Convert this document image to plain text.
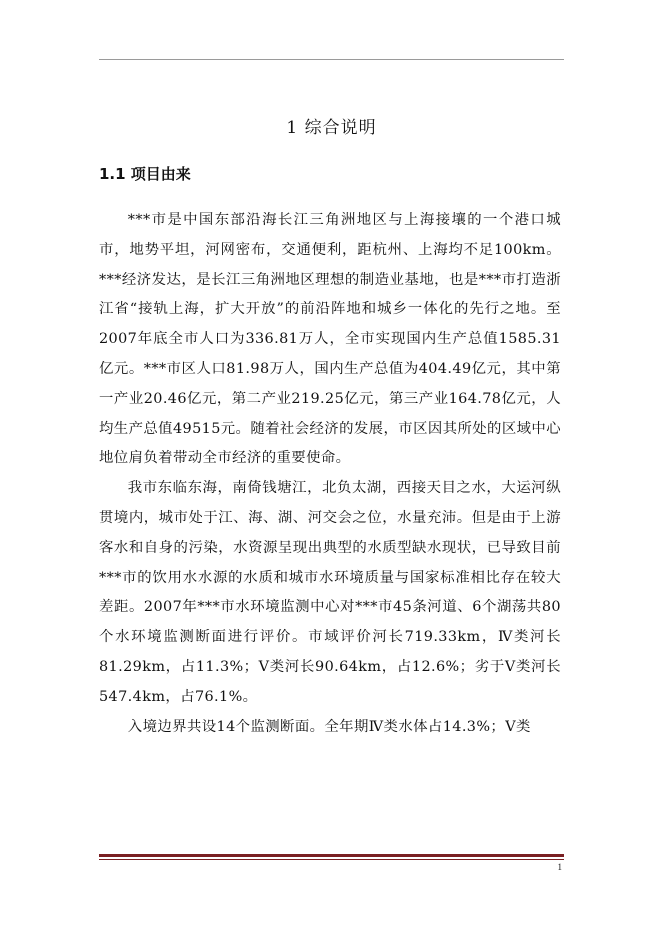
1 综合说明
1.1 项目由来

***市是中国东部沿海长江三角洲地区与上海接壤的一个港口城市，地势平坦，河网密布，交通便利，距杭州、上海均不足100km。***经济发达，是长江三角洲地区理想的制造业基地，也是***市打造浙江省“接轨上海，扩大开放”的前沿阵地和城乡一体化的先行之地。至2007年底全市人口为336.81万人，全市实现国内生产总值1585.31亿元。***市区人口81.98万人，国内生产总值为404.49亿元，其中第一产业20.46亿元，第二产业219.25亿元，第三产业164.78亿元，人均生产总值49515元。随着社会经济的发展，市区因其所处的区域中心地位肩负着带动全市经济的重要使命。

我市东临东海，南倚钱塘江，北负太湖，西接天目之水，大运河纵贯境内，城市处于江、海、湖、河交会之位，水量充沛。但是由于上游客水和自身的污染，水资源呈现出典型的水质型缺水现状，已导致目前***市的饮用水水源的水质和城市水环境质量与国家标准相比存在较大差距。2007年***市水环境监测中心对***市45条河道、6个湖荡共80个水环境监测断面进行评价。市域评价河长719.33km，Ⅳ类河长81.29km，占11.3%；Ⅴ类河长90.64km，占12.6%；劣于Ⅴ类河长547.4km，占76.1%。

入境边界共设14个监测断面。全年期Ⅳ类水体占14.3%；Ⅴ类

1
